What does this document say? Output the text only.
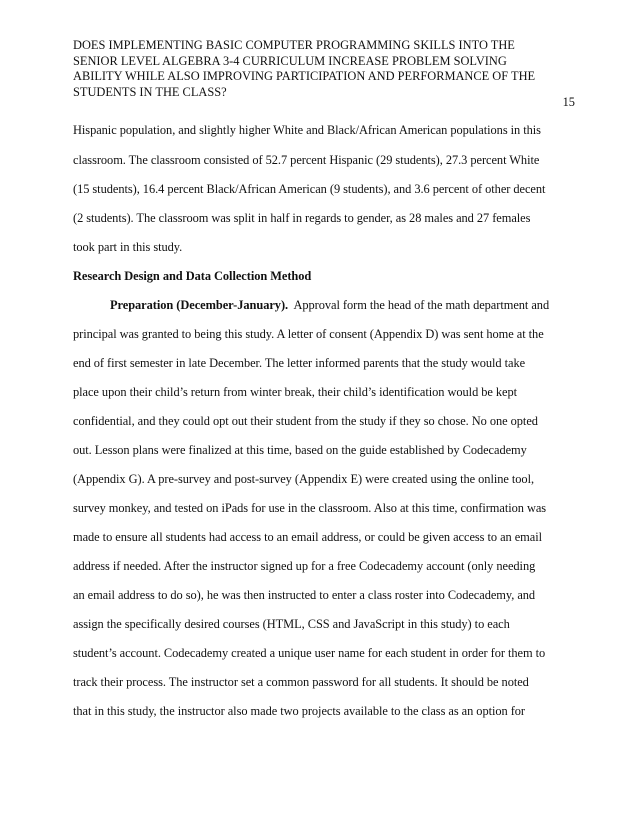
DOES IMPLEMENTING BASIC COMPUTER PROGRAMMING SKILLS INTO THE
SENIOR LEVEL ALGEBRA 3-4 CURRICULUM INCREASE PROBLEM SOLVING
ABILITY WHILE ALSO IMPROVING PARTICIPATION AND PERFORMANCE OF THE
STUDENTS IN THE CLASS?
15
Hispanic population, and slightly higher White and Black/African American populations in this
classroom. The classroom consisted of 52.7 percent Hispanic (29 students), 27.3 percent White
(15 students), 16.4 percent Black/African American (9 students), and 3.6 percent of other decent
(2 students). The classroom was split in half in regards to gender, as 28 males and 27 females
took part in this study.
Research Design and Data Collection Method
Preparation (December-January).  Approval form the head of the math department and
principal was granted to being this study. A letter of consent (Appendix D) was sent home at the
end of first semester in late December. The letter informed parents that the study would take
place upon their child’s return from winter break, their child’s identification would be kept
confidential, and they could opt out their student from the study if they so chose. No one opted
out. Lesson plans were finalized at this time, based on the guide established by Codecademy
(Appendix G). A pre-survey and post-survey (Appendix E) were created using the online tool,
survey monkey, and tested on iPads for use in the classroom. Also at this time, confirmation was
made to ensure all students had access to an email address, or could be given access to an email
address if needed. After the instructor signed up for a free Codecademy account (only needing
an email address to do so), he was then instructed to enter a class roster into Codecademy, and
assign the specifically desired courses (HTML, CSS and JavaScript in this study) to each
student’s account. Codecademy created a unique user name for each student in order for them to
track their process. The instructor set a common password for all students. It should be noted
that in this study, the instructor also made two projects available to the class as an option for
